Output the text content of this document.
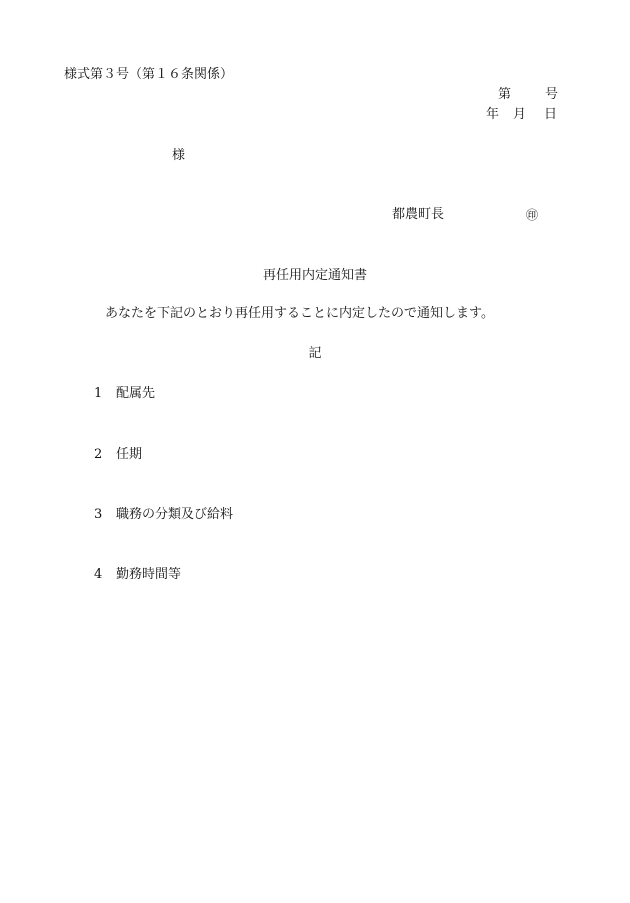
様式第３号（第１６条関係）
第	号
年 月 日
様
都農町長	㊞
再任用内定通知書
あなたを下記のとおり再任用することに内定したので通知します。
記
1 配属先
2 任期
3 職務の分類及び給料
4 勤務時間等
